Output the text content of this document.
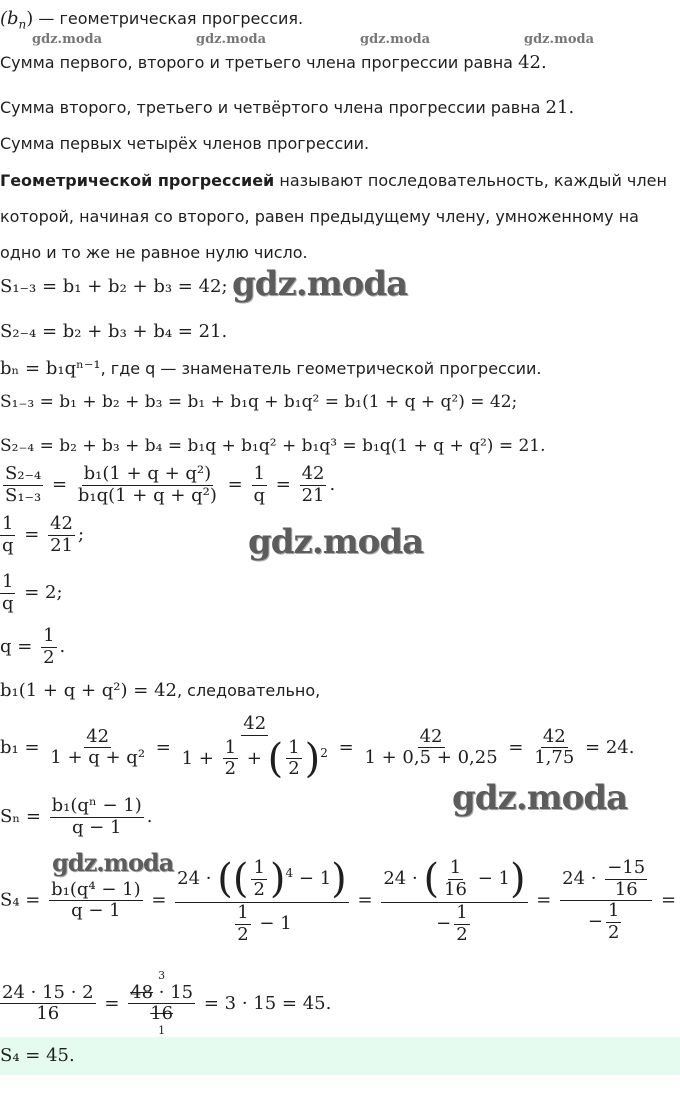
gdz.moda	gdz.moda	gdz.moda	gdz.moda
$(b_n)$ — геометрическая прогрессия.
Сумма первого, второго и третьего члена прогрессии равна 42.
Сумма второго, третьего и четвёртого члена прогрессии равна 21.
Сумма первых четырёх членов прогрессии.
Геометрической прогрессией называют последовательность, каждый член
которой, начиная со второго, равен предыдущему члену, умноженному на
одно и то же не равное нулю число.
S₁₋₃ = b₁ + b₂ + b₃ = 42; gdz.moda
S₂₋₄ = b₂ + b₃ + b₄ = 21.
bₙ = b₁qⁿ⁻¹, где q — знаменатель геометрической прогрессии.
S₁₋₃ = b₁ + b₂ + b₃ = b₁ + b₁q + b₁q² = b₁(1 + q + q²) = 42;
S₂₋₄ = b₂ + b₃ + b₄ = b₁q + b₁q² + b₁q³ = b₁q(1 + q + q²) = 21.
$\frac{\text{S₂₋₄}}{\text{S₁₋₃}} = \frac{\text{b₁(1 + q + q²)}}{\text{b₁q(1 + q + q²)}} = \frac{1}{q} = \frac{42}{21}$ .
$\frac{1}{q} = \frac{42}{21}$ ;	gdz.moda
$\frac{1}{q} = 2$;
$q = \frac{1}{2}$ .
b₁(1 + q + q²) = 42, следовательно,
$b_1 = \frac{42}{\text{1 + q + q²}} = \frac{42}{1 + \frac{1}{2} + ( \frac{1}{2} )^2} = \frac{42}{1 + 0,5 + 0,25} = \frac{42}{1,75} = 24$.
gdz.moda
$S_n = \frac{\text{b₁(qⁿ − 1)}}{q - 1}$ .
gdz.moda
$S_4 = \frac{\text{b₁(q⁴ − 1)}}{q - 1} = \frac{24 \cdot (( \frac{1}{2} )^4 - 1)}{\frac{1}{2} - 1} = \frac{24 \cdot ( \frac{1}{16} - 1)}{- \frac{1}{2}} = \frac{24 \cdot \frac{-15}{16}}{- \frac{1}{2}}$ =
$\frac{24 \cdot 15 \cdot 2}{16} = 3$
48 · 15
16
1 = 3 · 15 = 45.
S₄ = 45.
